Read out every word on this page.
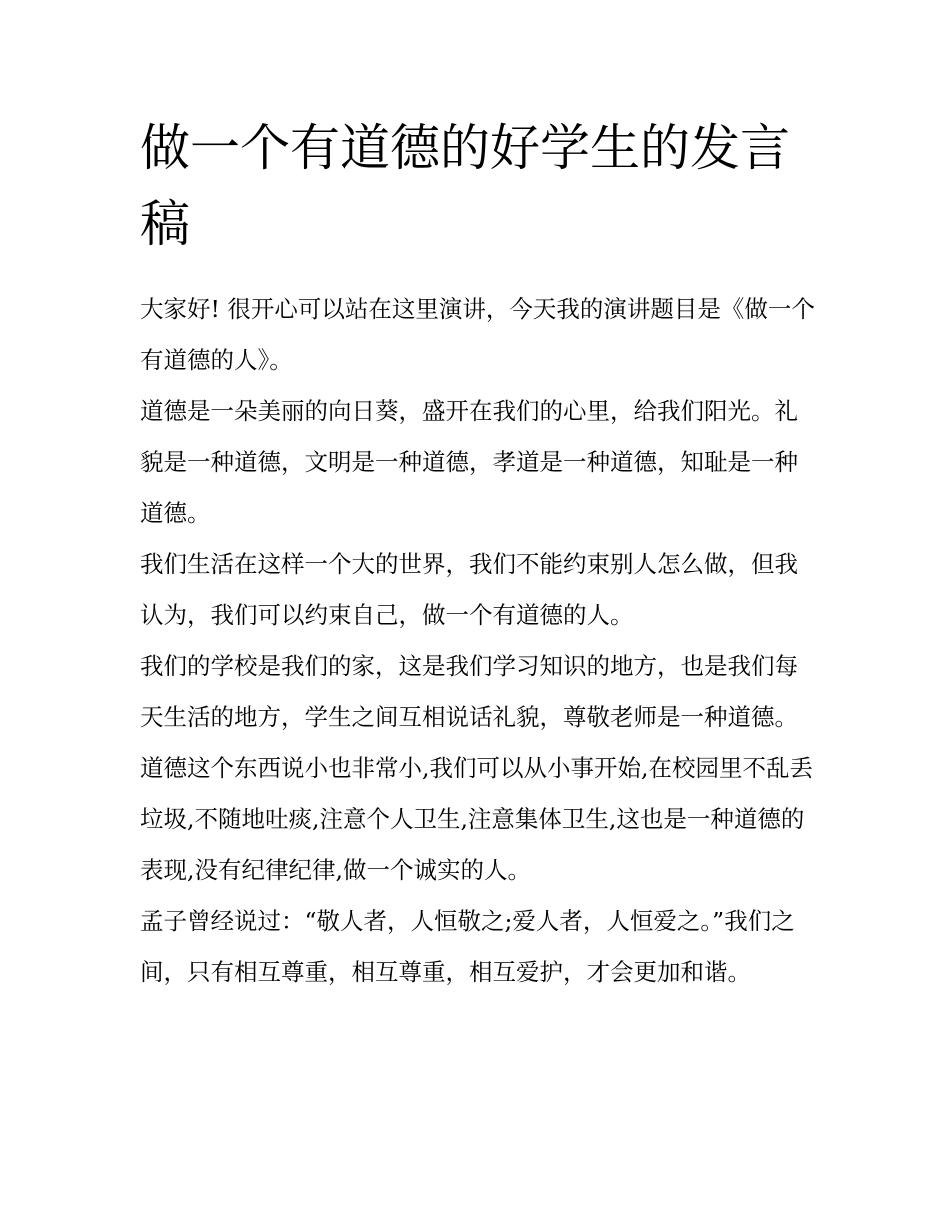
做一个有道德的好学生的发言稿

大家好! 很开心可以站在这里演讲，今天我的演讲题目是《做一个有道德的人》。

道德是一朵美丽的向日葵，盛开在我们的心里，给我们阳光。礼貌是一种道德，文明是一种道德，孝道是一种道德，知耻是一种道德。

我们生活在这样一个大的世界，我们不能约束别人怎么做，但我认为，我们可以约束自己，做一个有道德的人。

我们的学校是我们的家，这是我们学习知识的地方，也是我们每天生活的地方，学生之间互相说话礼貌，尊敬老师是一种道德。

道德这个东西说小也非常小,我们可以从小事开始,在校园里不乱丢垃圾,不随地吐痰,注意个人卫生,注意集体卫生,这也是一种道德的表现,没有纪律纪律,做一个诚实的人。

孟子曾经说过：“敬人者，人恒敬之;爱人者，人恒爱之。”我们之间，只有相互尊重，相互尊重，相互爱护，才会更加和谐。
